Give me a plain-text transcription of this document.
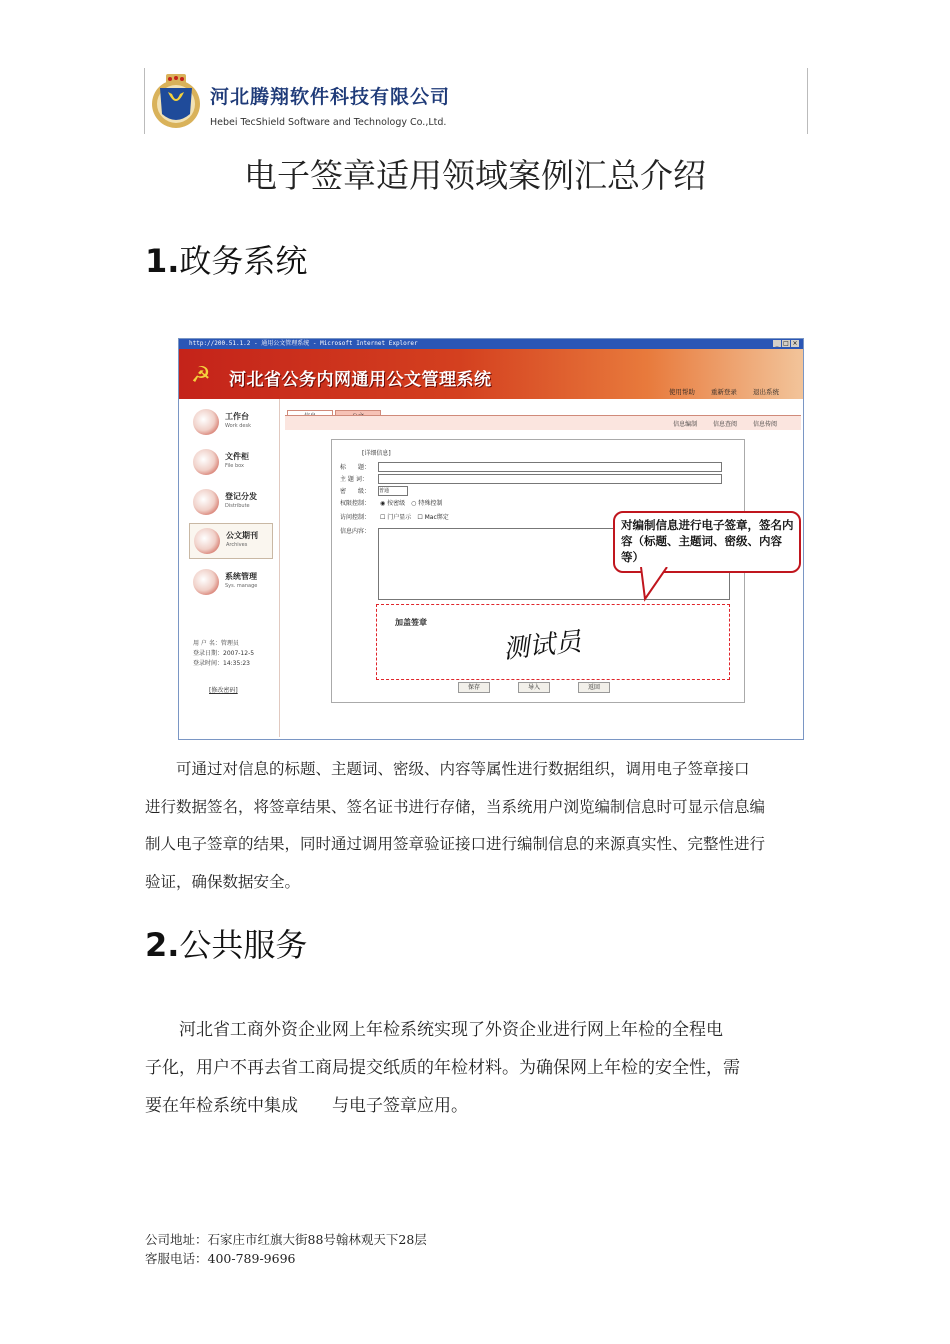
河北腾翔软件科技有限公司
Hebei TecShield Software and Technology Co.,Ltd.
电子签章适用领域案例汇总介绍
1.政务系统
http://200.51.1.2 - 通用公文管理系统 - Microsoft Internet Explorer	_ □ ×
☭ 河北省公务内网通用公文管理系统
使用帮助 重新登录 退出系统
工作台
Work desk
文件柜
File box
登记分发
Distribute
公文期刊
Archives
系统管理
Sys. manage
用 户 名：管理员
登录日期：2007-12-5
登录时间：14:35:23
[修改密码]
信息编制	信息查阅	信息传阅
[详细信息]
标　　题：
主 题 词：
密　　级： 普通
权限控制： ◉ 按密级　○ 特殊控制
访问控制： ☐ 门户显示　☐ Mac绑定
信息内容：
加盖签章
测试员
保存	导入	返回
对编制信息进行电子签章，签名内容（标题、主题词、密级、内容等）
　　可通过对信息的标题、主题词、密级、内容等属性进行数据组织，调用电子签章接口
进行数据签名，将签章结果、签名证书进行存储，当系统用户浏览编制信息时可显示信息编
制人电子签章的结果，同时通过调用签章验证接口进行编制信息的来源真实性、完整性进行
验证，确保数据安全。
2.公共服务
　　河北省工商外资企业网上年检系统实现了外资企业进行网上年检的全程电
子化，用户不再去省工商局提交纸质的年检材料。为确保网上年检的安全性，需
要在年检系统中集成　　与电子签章应用。
公司地址：石家庄市红旗大街88号翰林观天下28层
客服电话：400-789-9696
